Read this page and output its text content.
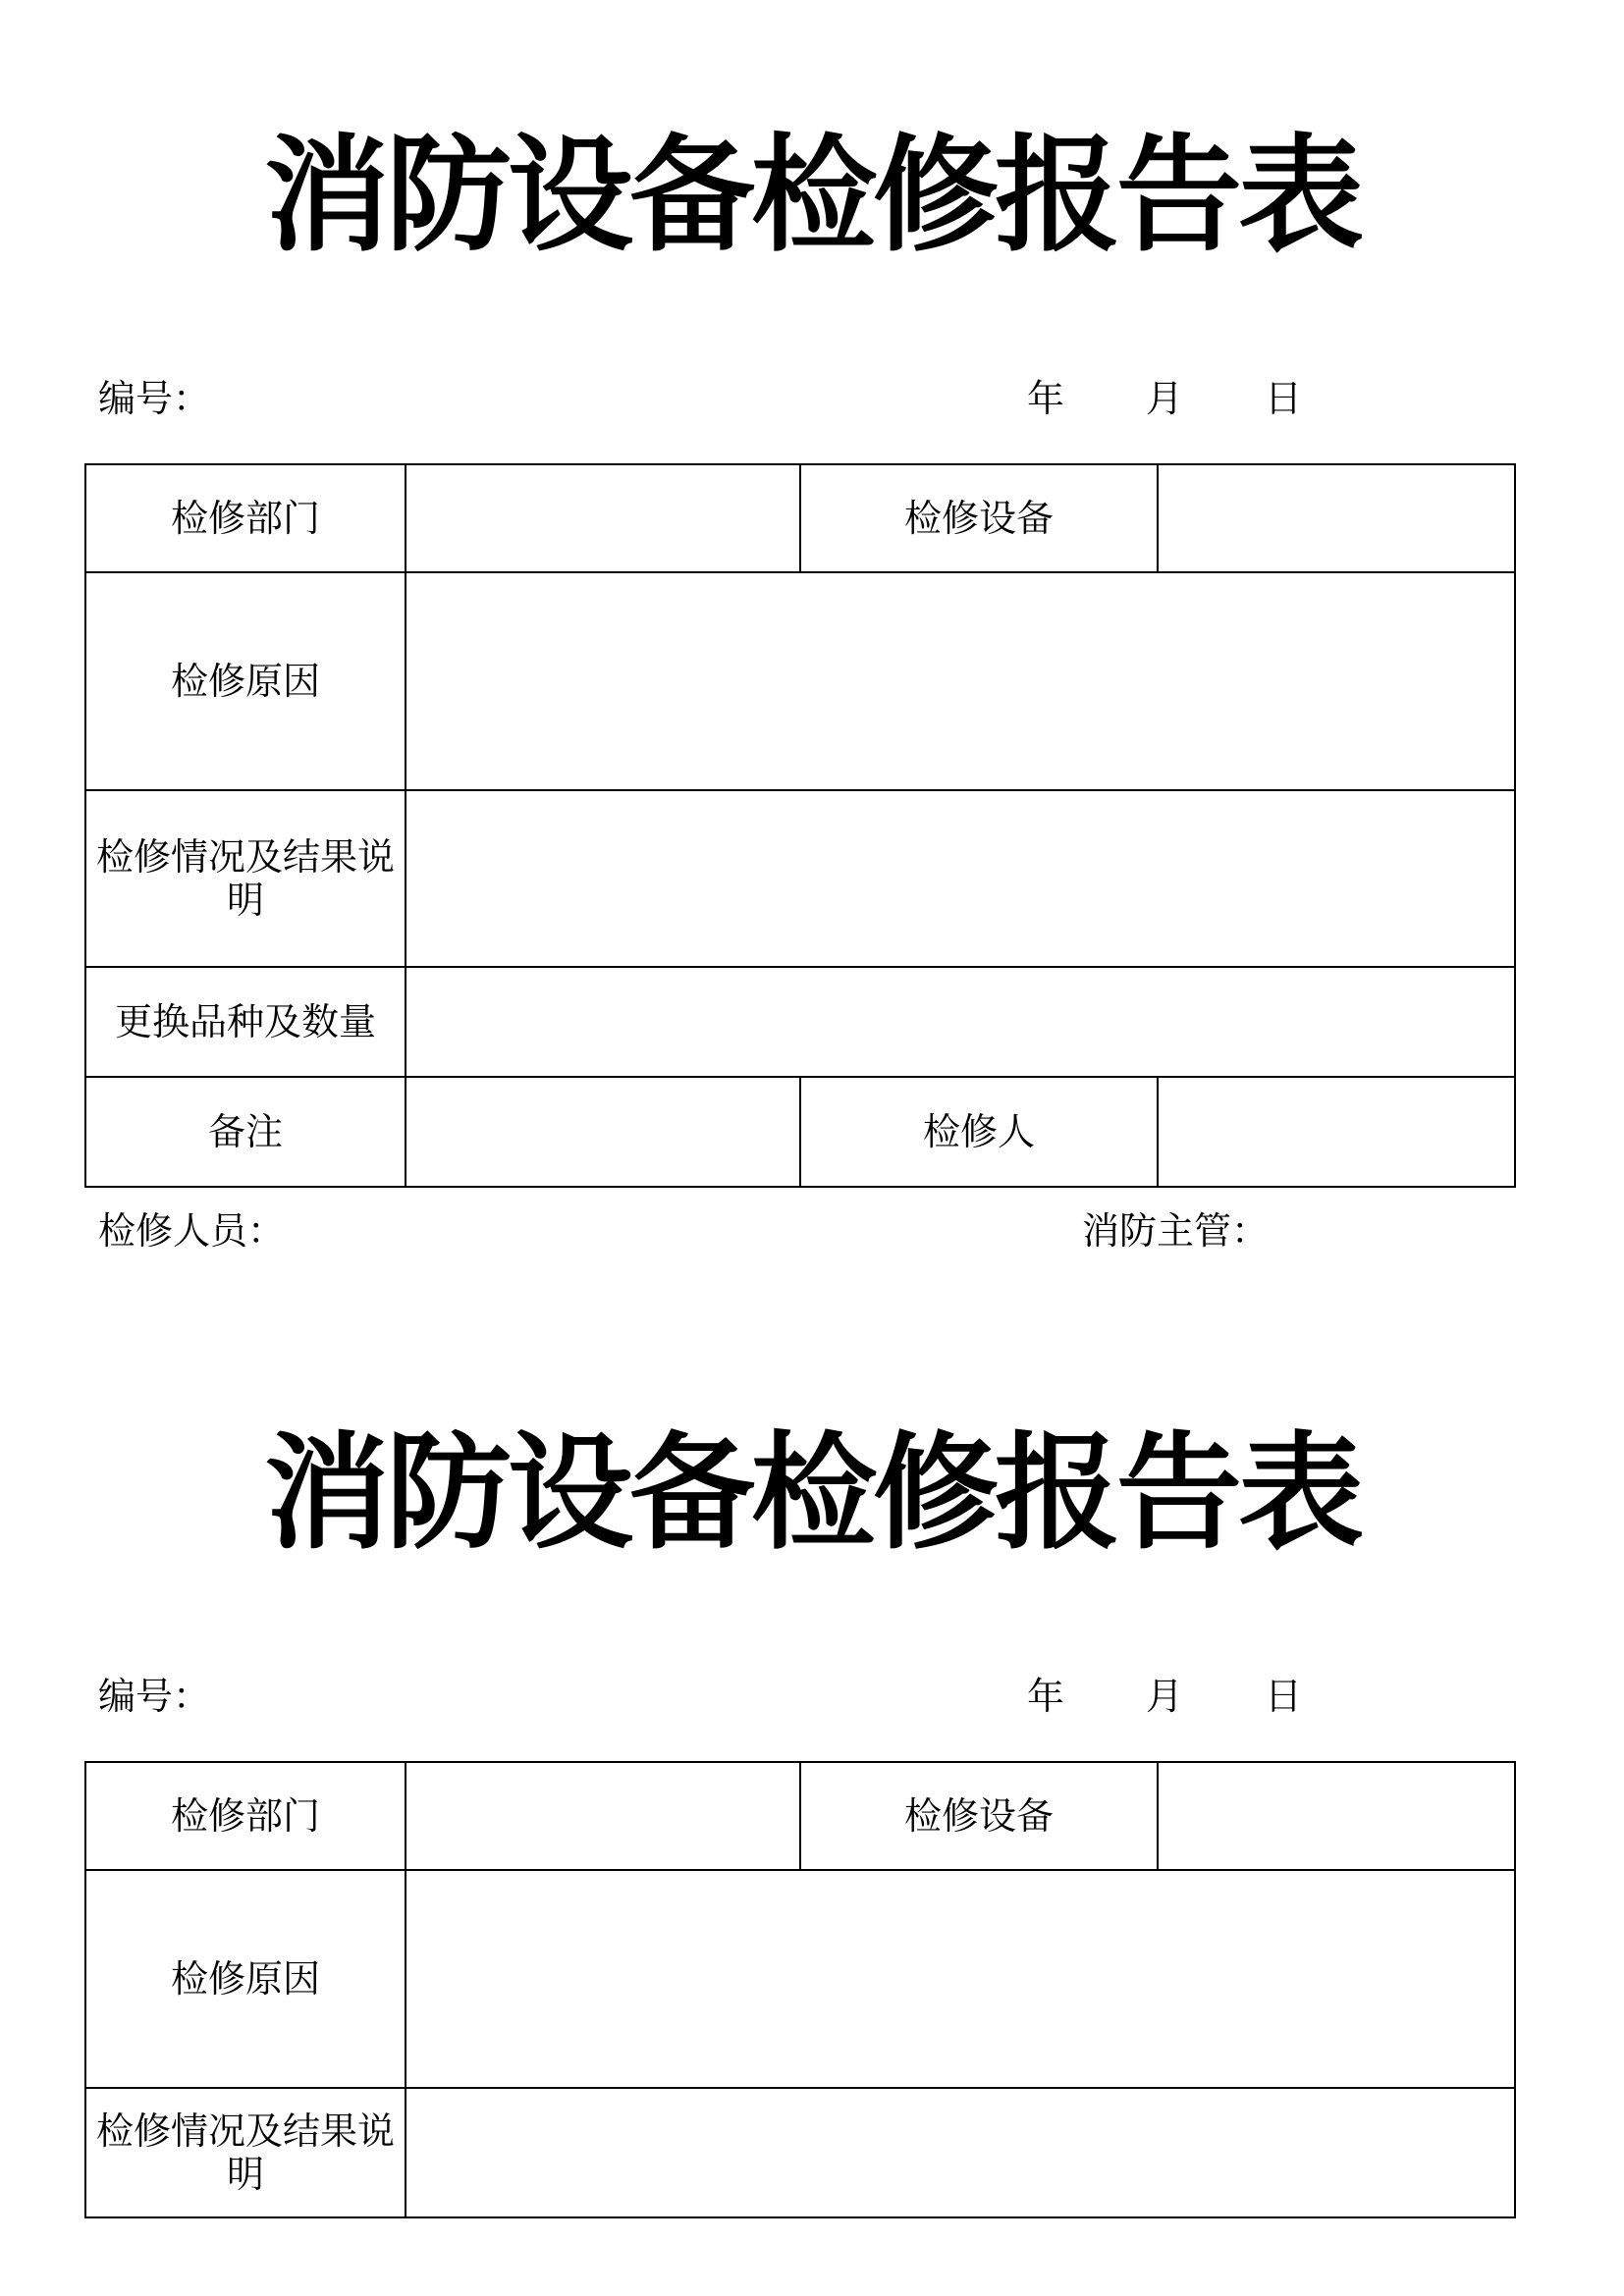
消防设备检修报告表
编号：	年 月 日
检修部门		检修设备	
检修原因			
检修情况及结果说明			
更换品种及数量			
备注		检修人	
检修人员：	消防主管：
消防设备检修报告表
编号：	年 月 日
检修部门		检修设备	
检修原因			
检修情况及结果说明			
